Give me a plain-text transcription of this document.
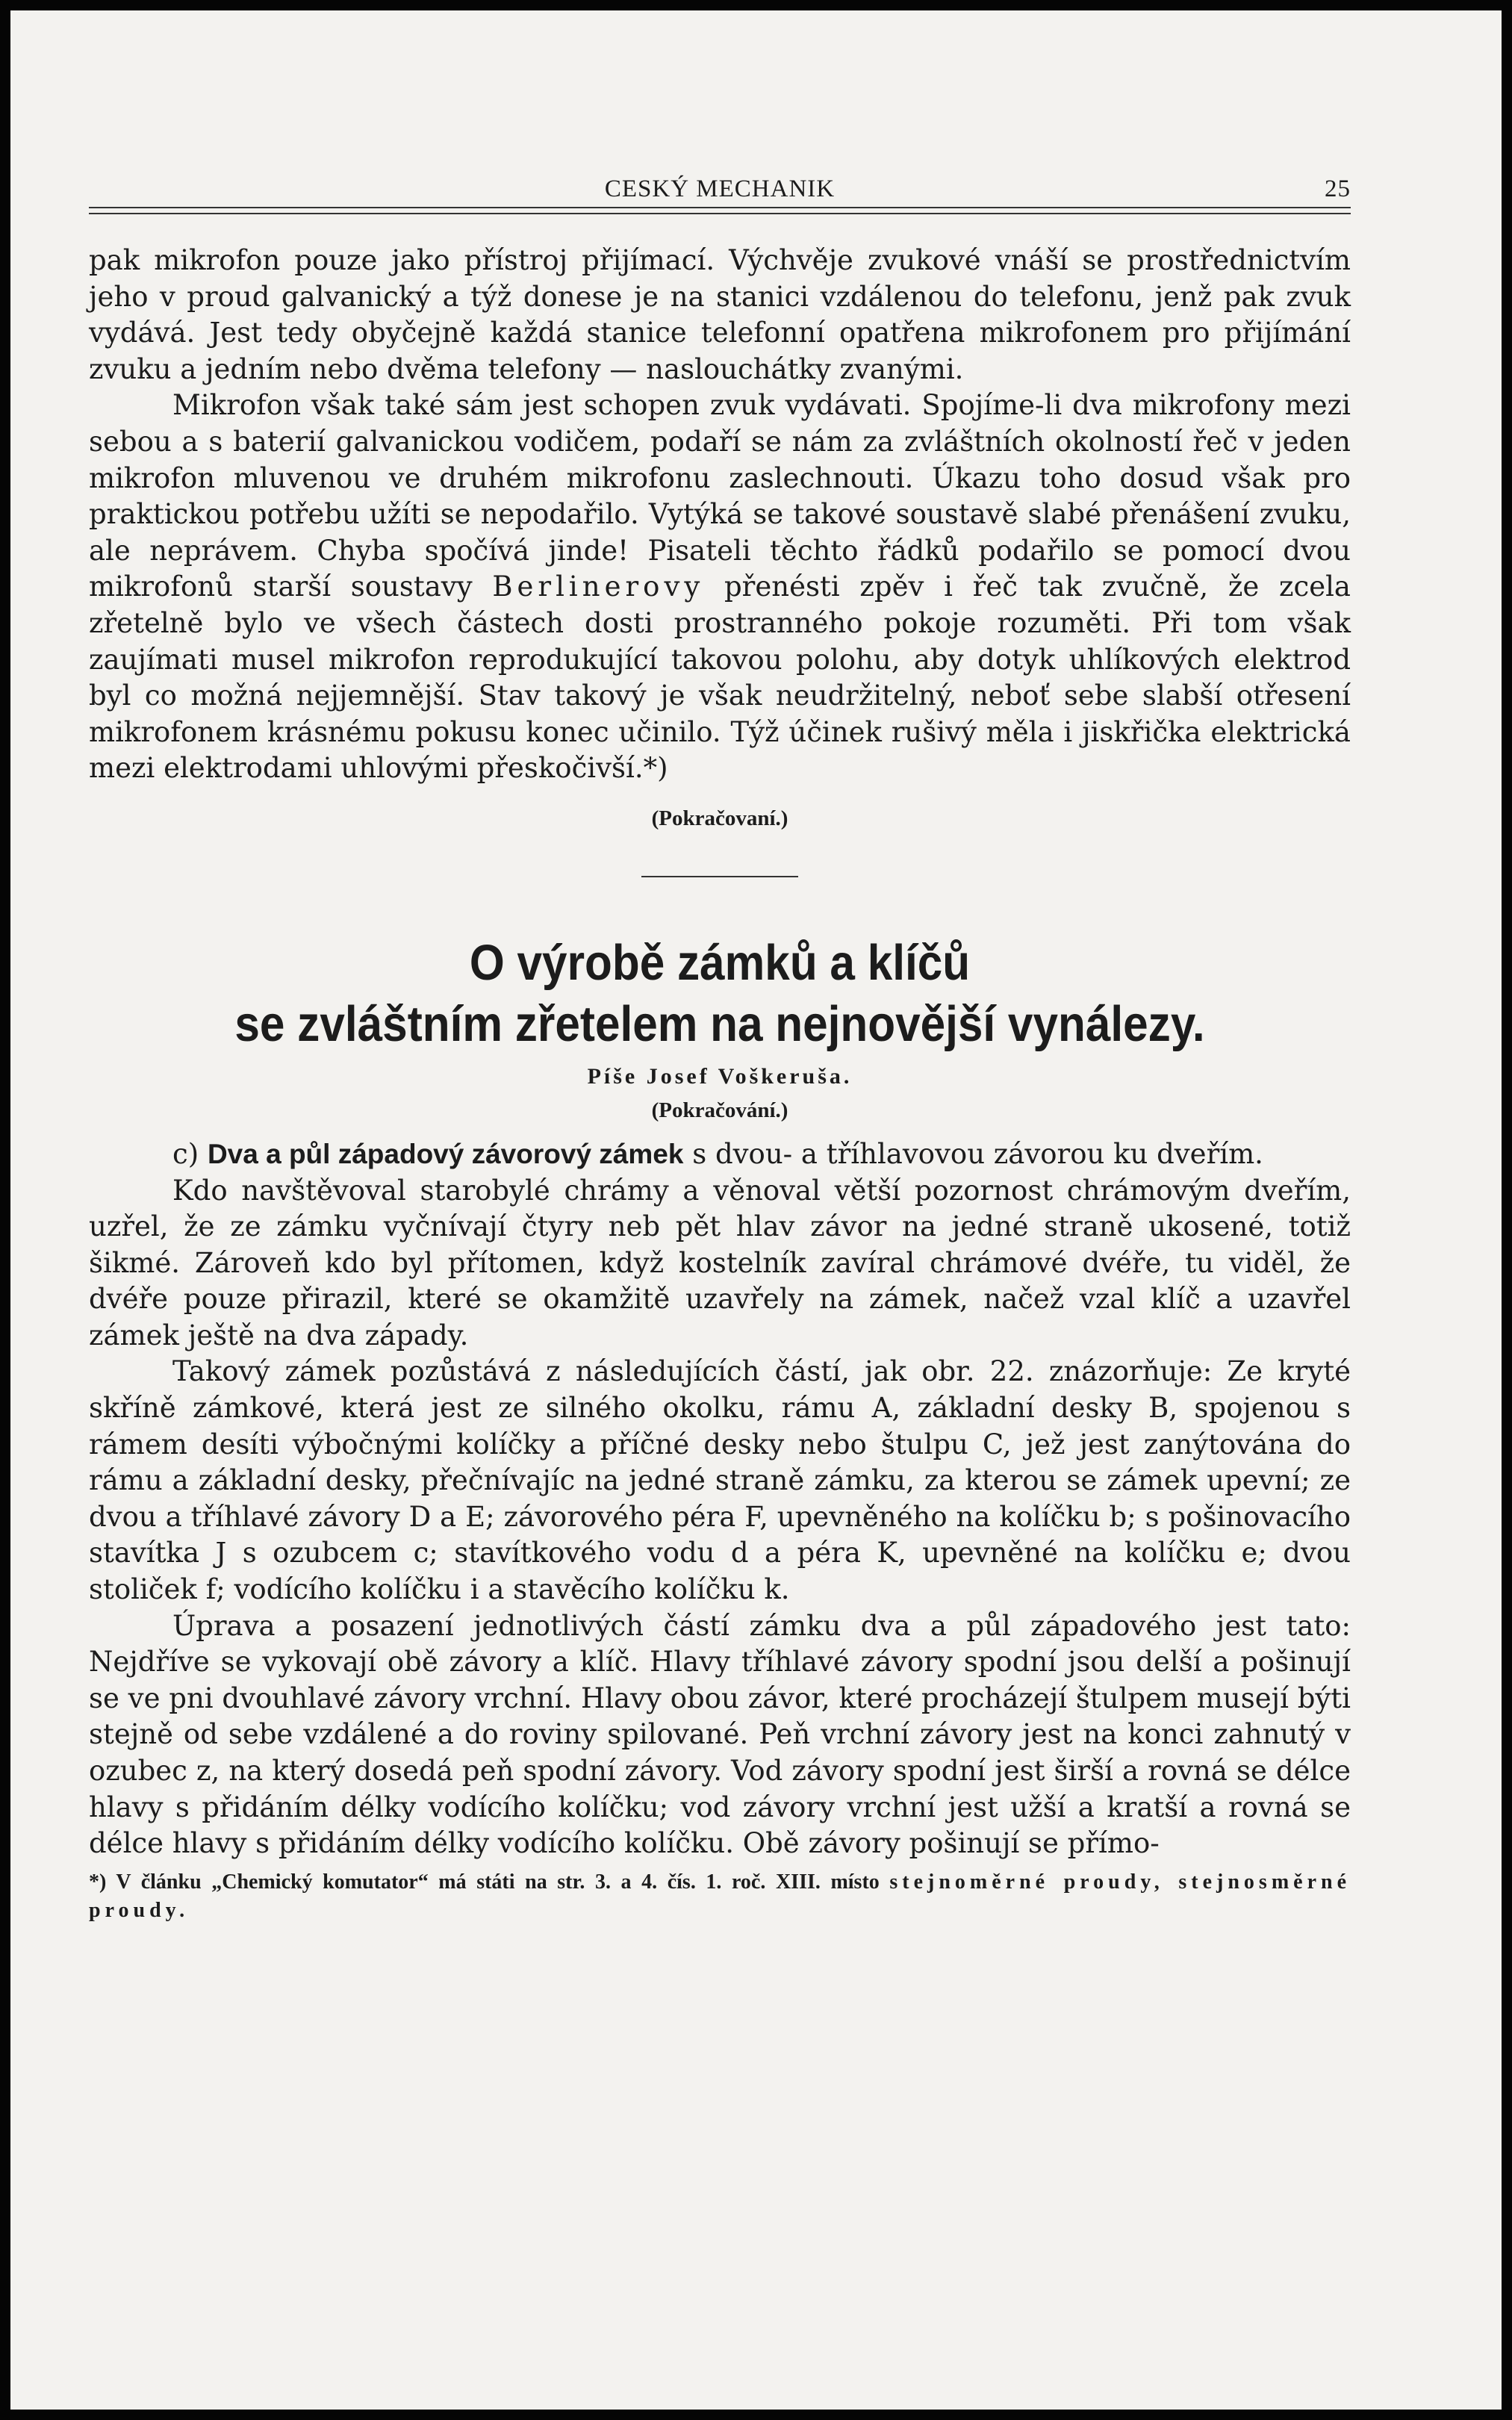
CESKÝ MECHANIK	25

pak mikrofon pouze jako přístroj přijímací. Výchvěje zvukové vnáší se prostřednictvím jeho v proud galvanický a týž donese je na stanici vzdálenou do telefonu, jenž pak zvuk vydává. Jest tedy obyčejně každá stanice telefonní opatřena mikrofonem pro přijímání zvuku a jedním nebo dvěma telefony — naslouchátky zvanými.

Mikrofon však také sám jest schopen zvuk vydávati. Spojíme-li dva mikrofony mezi sebou a s baterií galvanickou vodičem, podaří se nám za zvláštních okolností řeč v jeden mikrofon mluvenou ve druhém mikrofonu zaslechnouti. Úkazu toho dosud však pro praktickou potřebu užíti se nepodařilo. Vytýká se takové soustavě slabé přenášení zvuku, ale neprávem. Chyba spočívá jinde! Pisateli těchto řádků podařilo se pomocí dvou mikrofonů starší soustavy Berlinerovy přenésti zpěv i řeč tak zvučně, že zcela zřetelně bylo ve všech částech dosti prostranného pokoje rozuměti. Při tom však zaujímati musel mikrofon reprodukující takovou polohu, aby dotyk uhlíkových elektrod byl co možná nejjemnější. Stav takový je však neudržitelný, neboť sebe slabší otřesení mikrofonem krásnému pokusu konec učinilo. Týž účinek rušivý měla i jiskřička elektrická mezi elektrodami uhlovými přeskočivší.*)

(Pokračovaní.)
O výrobě zámků a klíčů
se zvláštním zřetelem na nejnovější vynálezy.
Píše Josef Voškeruša.
(Pokračování.)

c) Dva a půl západový závorový zámek s dvou- a tříhlavovou závorou ku dveřím.

Kdo navštěvoval starobylé chrámy a věnoval větší pozornost chrámovým dveřím, uzřel, že ze zámku vyčnívají čtyry neb pět hlav závor na jedné straně ukosené, totiž šikmé. Zároveň kdo byl přítomen, když kostelník zavíral chrámové dvéře, tu viděl, že dvéře pouze přirazil, které se okamžitě uzavřely na zámek, načež vzal klíč a uzavřel zámek ještě na dva západy.

Takový zámek pozůstává z následujících částí, jak obr. 22. znázorňuje: Ze kryté skříně zámkové, která jest ze silného okolku, rámu A, základní desky B, spojenou s rámem desíti výbočnými kolíčky a příčné desky nebo štulpu C, jež jest zanýtována do rámu a základní desky, přečnívajíc na jedné straně zámku, za kterou se zámek upevní; ze dvou a tříhlavé závory D a E; závorového péra F, upevněného na kolíčku b; s pošinovacího stavítka J s ozubcem c; stavítkového vodu d a péra K, upevněné na kolíčku e; dvou stoliček f; vodícího kolíčku i a stavěcího kolíčku k.

Úprava a posazení jednotlivých částí zámku dva a půl západového jest tato: Nejdříve se vykovají obě závory a klíč. Hlavy tříhlavé závory spodní jsou delší a pošinují se ve pni dvouhlavé závory vrchní. Hlavy obou závor, které procházejí štulpem musejí býti stejně od sebe vzdálené a do roviny spilované. Peň vrchní závory jest na konci zahnutý v ozubec z, na který dosedá peň spodní závory. Vod závory spodní jest širší a rovná se délce hlavy s přidáním délky vodícího kolíčku; vod závory vrchní jest užší a kratší a rovná se délce hlavy s přidáním délky vodícího kolíčku. Obě závory pošinují se přímo-

*) V článku „Chemický komutator“ má státi na str. 3. a 4. čís. 1. roč. XIII. místo stejnoměrné proudy, stejnosměrné proudy.
